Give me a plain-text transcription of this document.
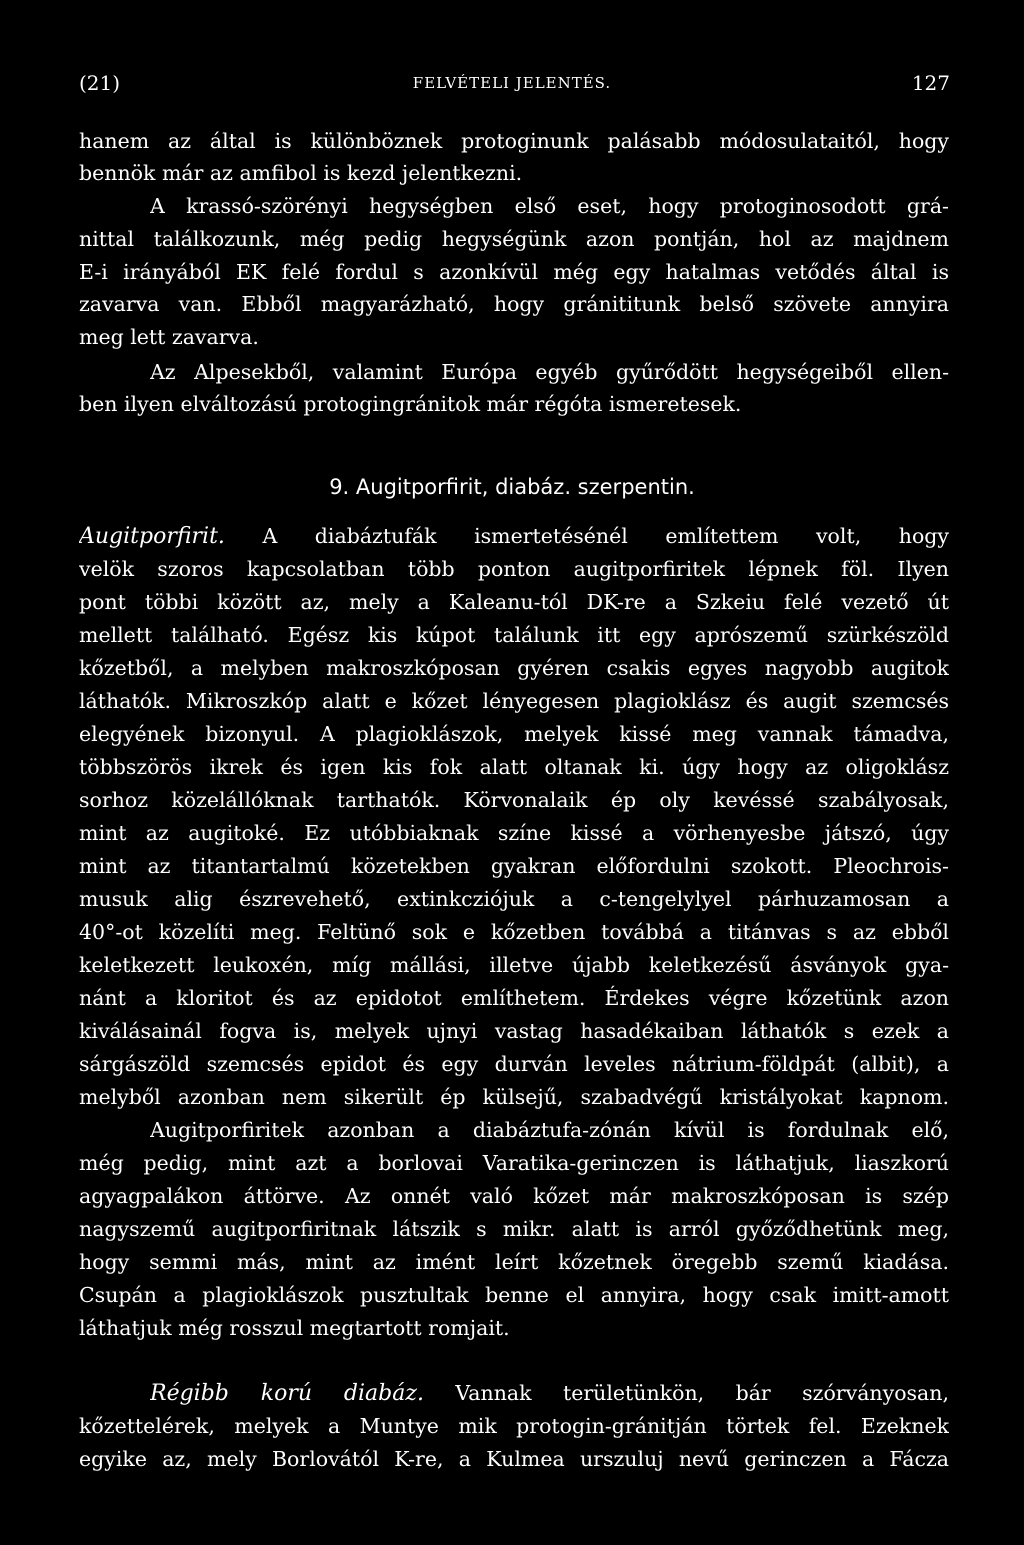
(21)	FELVÉTELI JELENTÉS.	127
hanem az által is különböznek protoginunk palásabb módosulataitól, hogy
bennök már az amfibol is kezd jelentkezni.
A krassó-szörényi hegységben első eset, hogy protoginosodott grá-
nittal találkozunk, még pedig hegységünk azon pontján, hol az majdnem
E-i irányából EK felé fordul s azonkívül még egy hatalmas vetődés által is
zavarva van. Ebből magyarázható, hogy gránititunk belső szövete annyira
meg lett zavarva.
Az Alpesekből, valamint Európa egyéb gyűrődött hegységeiből ellen-
ben ilyen elváltozású protogingránitok már régóta ismeretesek.
9. Augitporfirit, diabáz. szerpentin.
Augitporfirit. A diabáztufák ismertetésénél említettem volt, hogy
velök szoros kapcsolatban több ponton augitporfiritek lépnek föl. Ilyen
pont többi között az, mely a Kaleanu-tól DK-re a Szkeiu felé vezető út
mellett található. Egész kis kúpot találunk itt egy aprószemű szürkészöld
kőzetből, a melyben makroszkóposan gyéren csakis egyes nagyobb augitok
láthatók. Mikroszkóp alatt e kőzet lényegesen plagioklász és augit szemcsés
elegyének bizonyul. A plagioklászok, melyek kissé meg vannak támadva,
többszörös ikrek és igen kis fok alatt oltanak ki. úgy hogy az oligoklász
sorhoz közelállóknak tarthatók. Körvonalaik ép oly kevéssé szabályosak,
mint az augitoké. Ez utóbbiaknak színe kissé a vörhenyesbe játszó, úgy
mint az titantartalmú közetekben gyakran előfordulni szokott. Pleochrois-
musuk alig észrevehető, extinkcziójuk a c-tengelylyel párhuzamosan a
40°-ot közelíti meg. Feltünő sok e kőzetben továbbá a titánvas s az ebből
keletkezett leukoxén, míg mállási, illetve újabb keletkezésű ásványok gya-
nánt a kloritot és az epidotot említhetem. Érdekes végre kőzetünk azon
kiválásainál fogva is, melyek ujnyi vastag hasadékaiban láthatók s ezek a
sárgászöld szemcsés epidot és egy durván leveles nátrium-földpát (albit), a
melyből azonban nem sikerült ép külsejű, szabadvégű kristályokat kapnom.
Augitporfiritek azonban a diabáztufa-zónán kívül is fordulnak elő,
még pedig, mint azt a borlovai Varatika-gerinczen is láthatjuk, liaszkorú
agyagpalákon áttörve. Az onnét való kőzet már makroszkóposan is szép
nagyszemű augitporfiritnak látszik s mikr. alatt is arról győződhetünk meg,
hogy semmi más, mint az imént leírt kőzetnek öregebb szemű kiadása.
Csupán a plagioklászok pusztultak benne el annyira, hogy csak imitt-amott
láthatjuk még rosszul megtartott romjait.
Régibb korú diabáz. Vannak területünkön, bár szórványosan,
kőzettelérek, melyek a Muntye mik protogin-gránitján törtek fel. Ezeknek
egyike az, mely Borlovától K-re, a Kulmea urszuluj nevű gerinczen a Fácza
